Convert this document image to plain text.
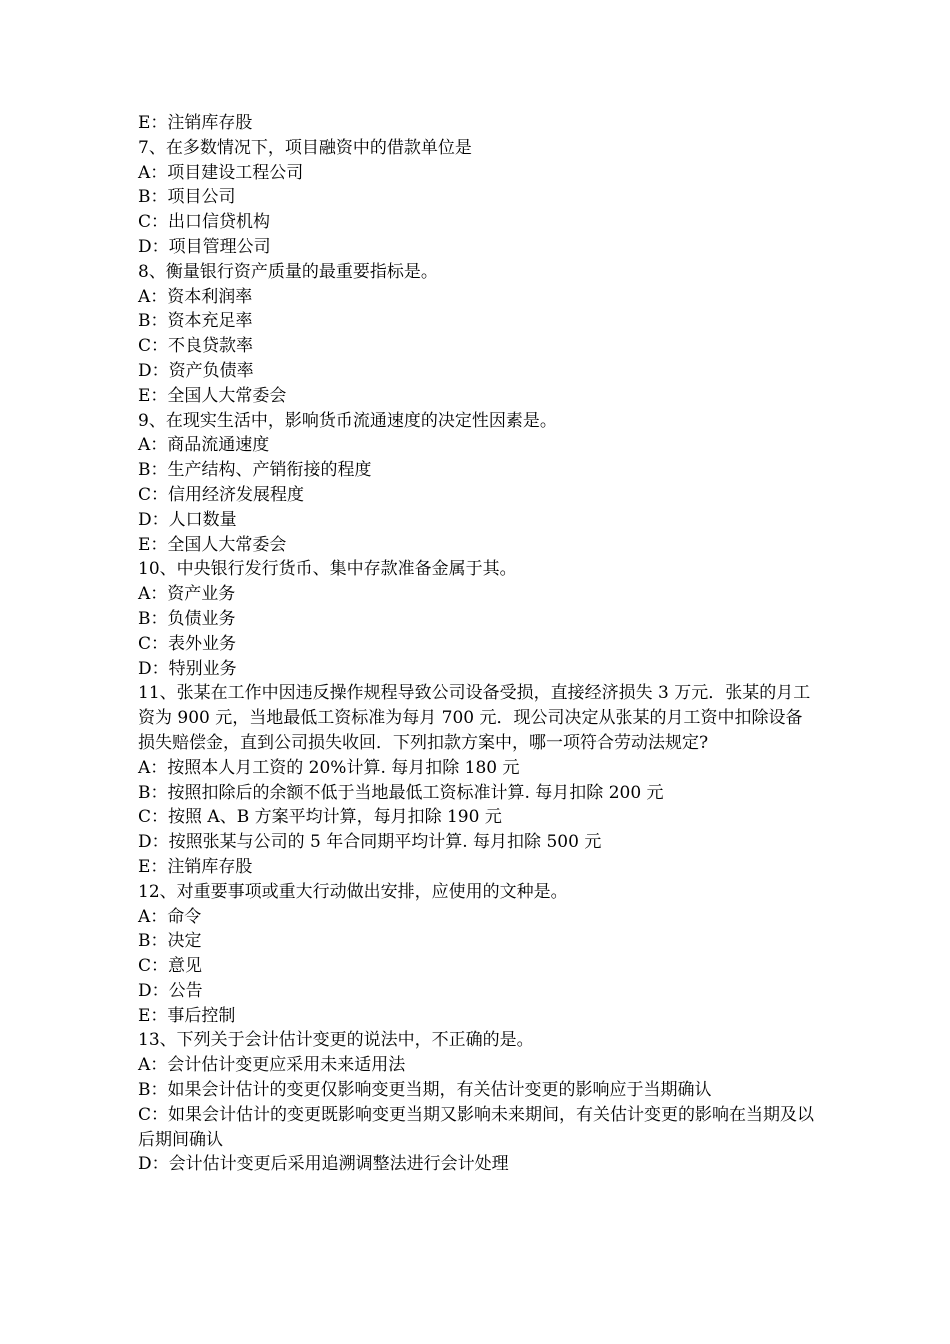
E：注销库存股

7、在多数情况下，项目融资中的借款单位是

A：项目建设工程公司

B：项目公司

C：出口信贷机构

D：项目管理公司

8、衡量银行资产质量的最重要指标是。

A：资本利润率

B：资本充足率

C：不良贷款率

D：资产负债率

E：全国人大常委会

9、在现实生活中，影响货币流通速度的决定性因素是。

A：商品流通速度

B：生产结构、产销衔接的程度

C：信用经济发展程度

D：人口数量

E：全国人大常委会

10、中央银行发行货币、集中存款准备金属于其。

A：资产业务

B：负债业务

C：表外业务

D：特别业务

11、张某在工作中因违反操作规程导致公司设备受损，直接经济损失 3 万元．张某的月工资为 900 元，当地最低工资标准为每月 700 元．现公司决定从张某的月工资中扣除设备损失赔偿金，直到公司损失收回．下列扣款方案中，哪一项符合劳动法规定?

A：按照本人月工资的 20%计算. 每月扣除 180 元

B：按照扣除后的余额不低于当地最低工资标准计算. 每月扣除 200 元

C：按照 A、B 方案平均计算，每月扣除 190 元

D：按照张某与公司的 5 年合同期平均计算. 每月扣除 500 元

E：注销库存股

12、对重要事项或重大行动做出安排，应使用的文种是。

A：命令

B：决定

C：意见

D：公告

E：事后控制

13、下列关于会计估计变更的说法中，不正确的是。

A：会计估计变更应采用未来适用法

B：如果会计估计的变更仅影响变更当期，有关估计变更的影响应于当期确认

C：如果会计估计的变更既影响变更当期又影响未来期间，有关估计变更的影响在当期及以后期间确认

D：会计估计变更后采用追溯调整法进行会计处理
